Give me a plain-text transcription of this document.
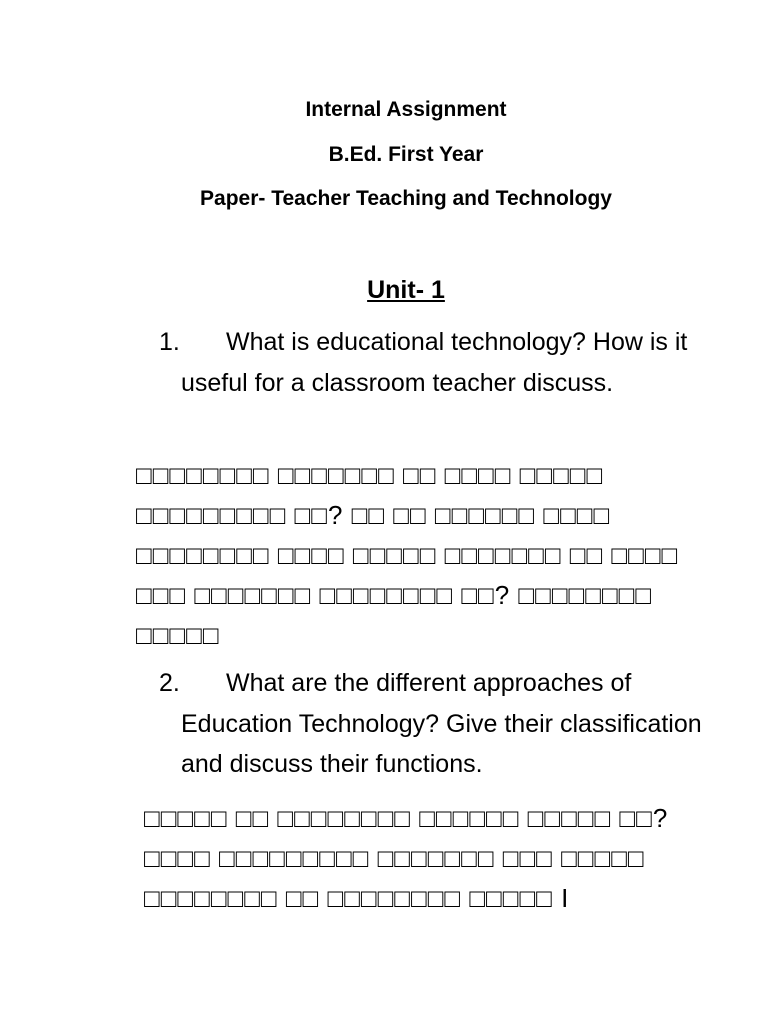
Internal Assignment
B.Ed. First Year
Paper- Teacher Teaching and Technology
Unit- 1
1. What is educational technology? How is it useful for a classroom teacher discuss.
□□□□□□□□ □□□□□□□ □□ □□□□ □□□□□ □□□□□□□□□ □□? □□ □□ □□□□□□ □□□□ □□□□□□□□ □□□□ □□□□□ □□□□□□□ □□ □□□□ □□□ □□□□□□□ □□□□□□□□ □□? □□□□□□□□ □□□□□
2. What are the different approaches of Education Technology? Give their classification and discuss their functions.
□□□□□ □□ □□□□□□□□ □□□□□□ □□□□□ □□? □□□□ □□□□□□□□□ □□□□□□□ □□□ □□□□□ □□□□□□□□ □□ □□□□□□□□ □□□□□ I
